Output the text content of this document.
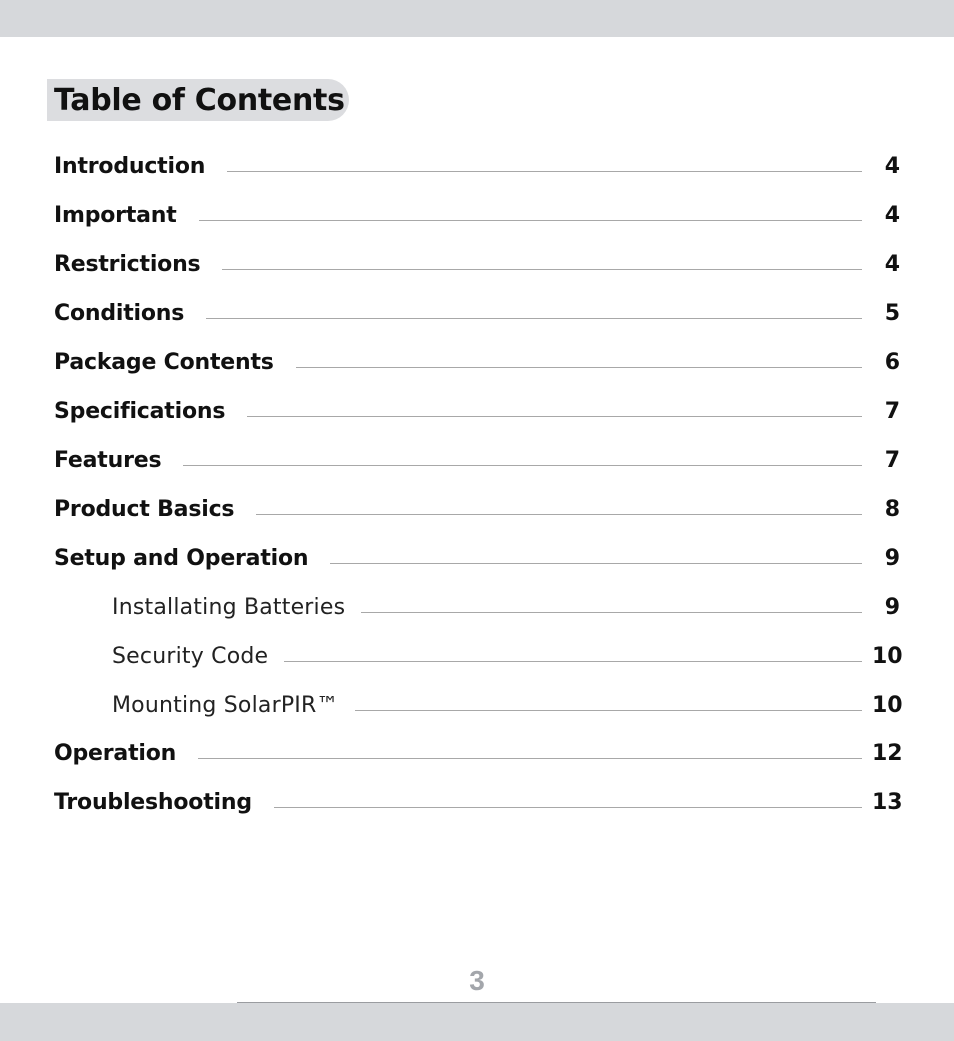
Table of Contents
Introduction	4
Important	4
Restrictions	4
Conditions	5
Package Contents	6
Specifications	7
Features	7
Product Basics	8
Setup and Operation	9
Installating Batteries	9
Security Code	10
Mounting SolarPIR™	10
Operation	12
Troubleshooting	13
3
